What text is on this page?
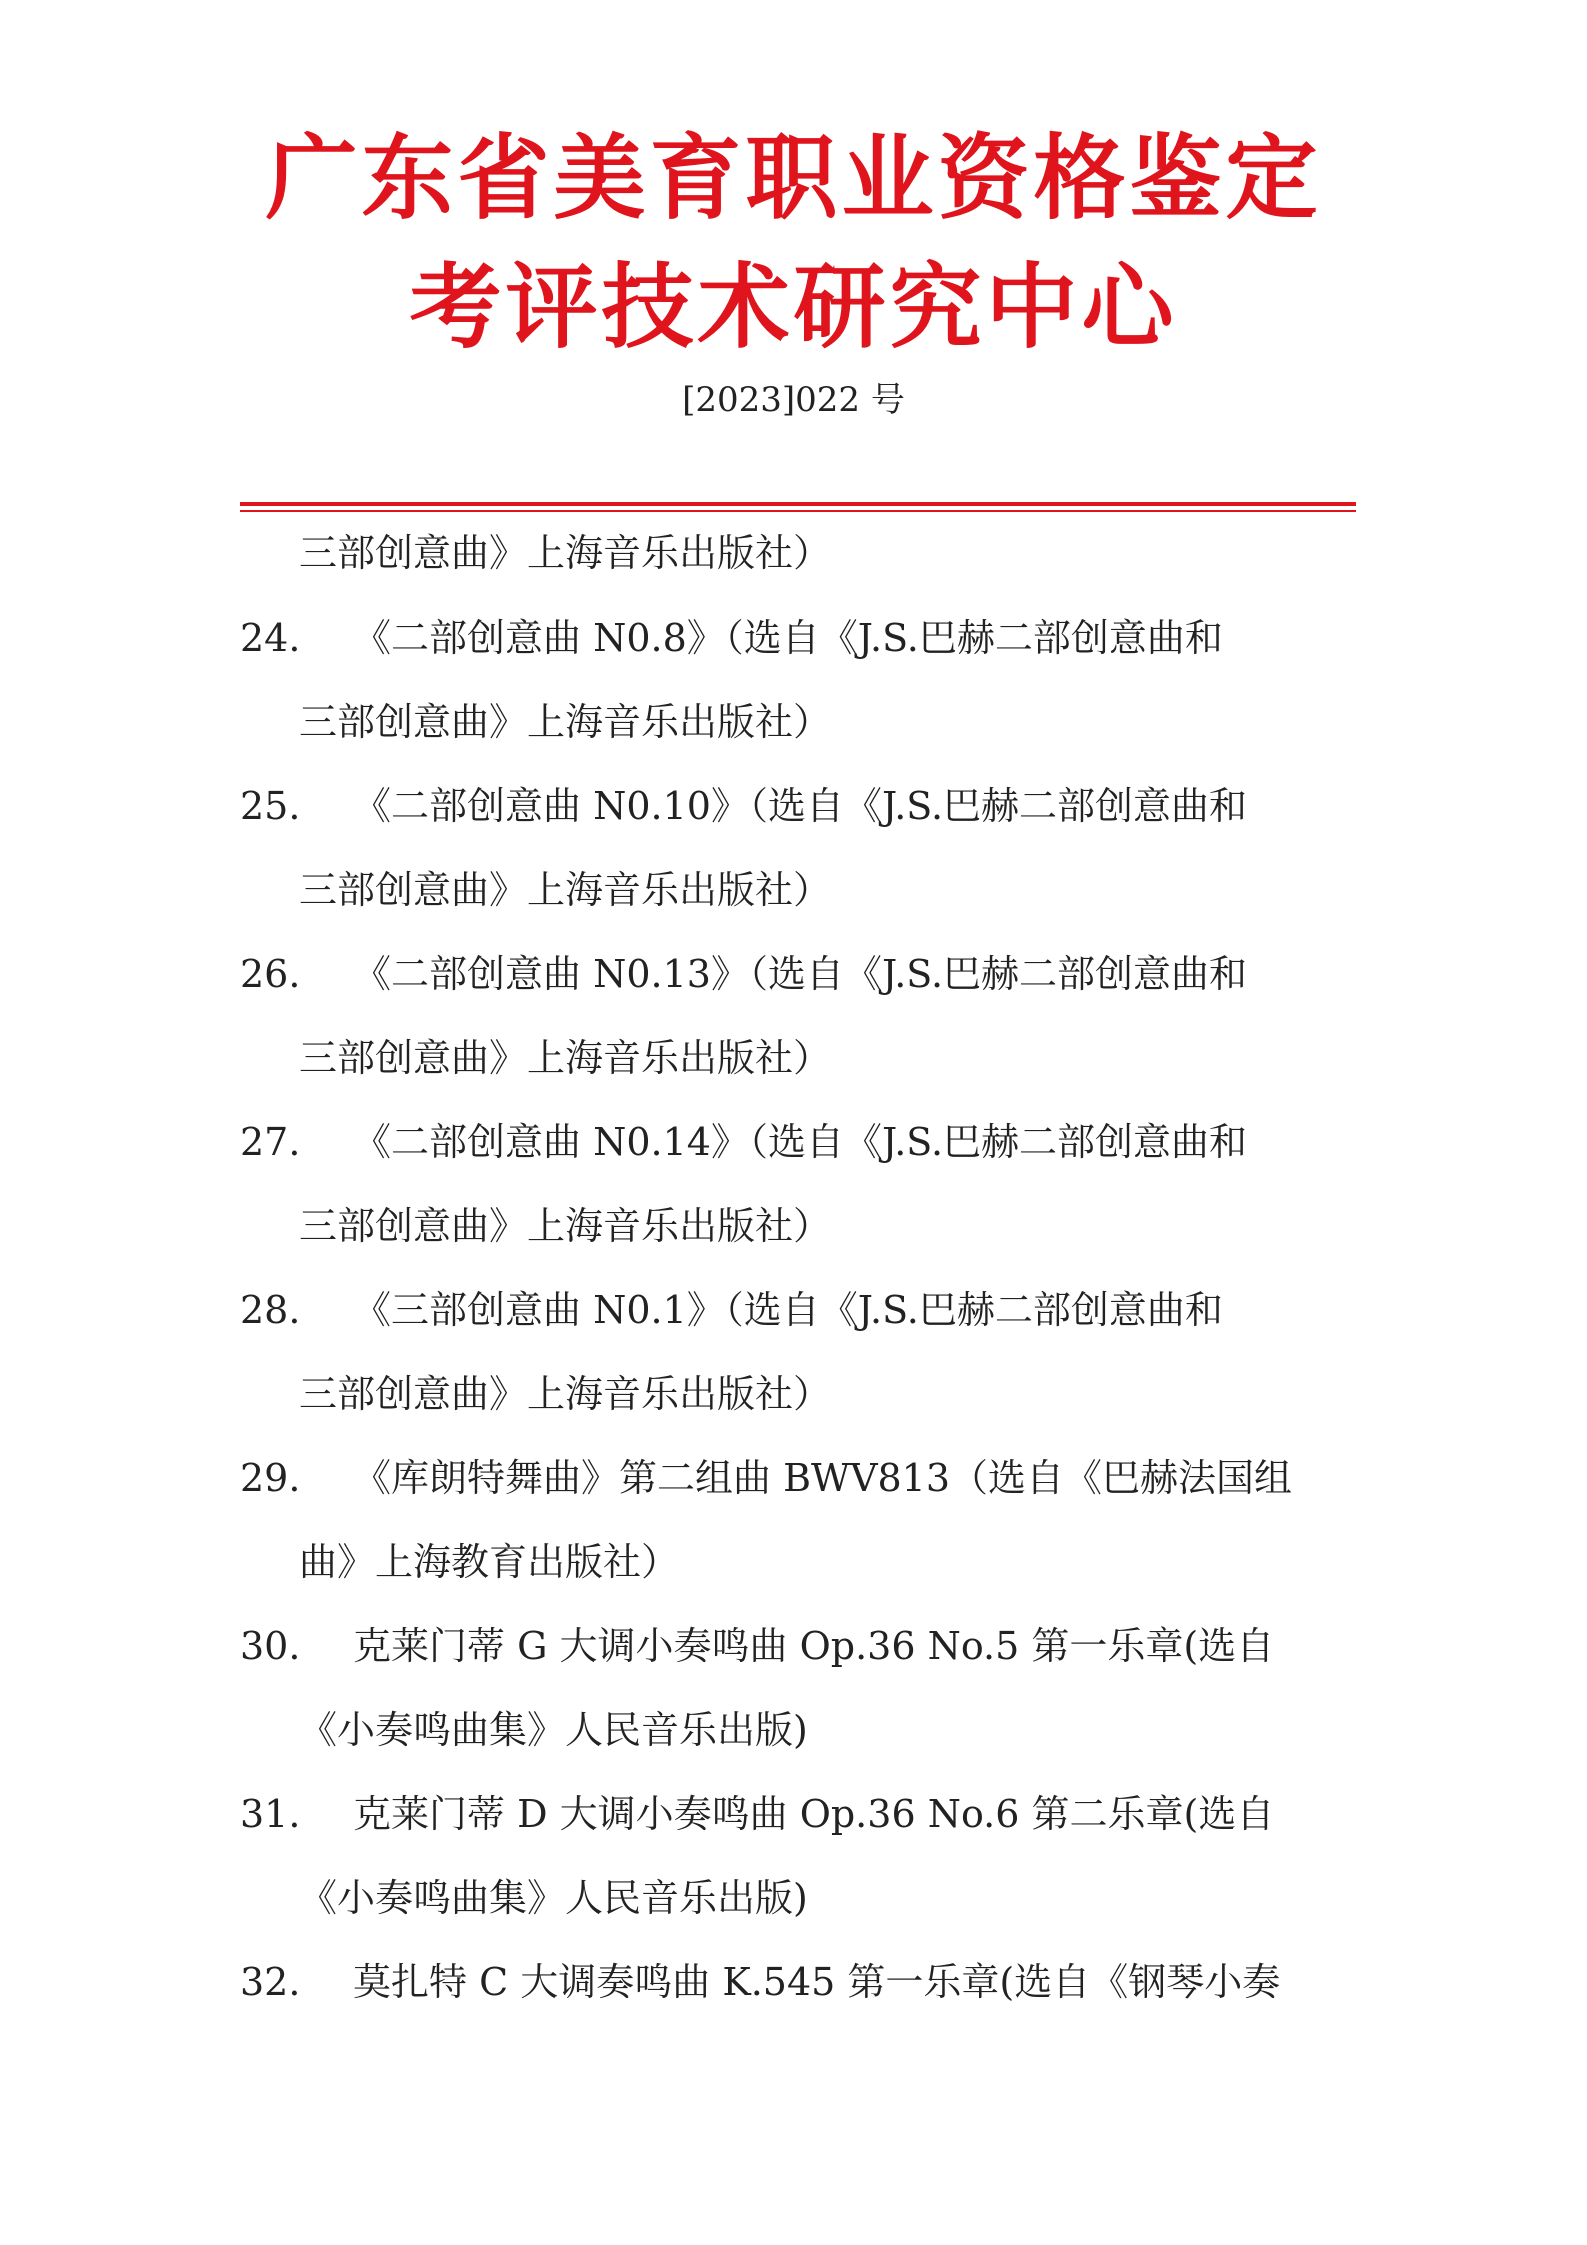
广东省美育职业资格鉴定
考评技术研究中心
[2023]022 号
三部创意曲》上海音乐出版社）
24. 《二部创意曲 N0.8》（选自《J.S.巴赫二部创意曲和
三部创意曲》上海音乐出版社）
25. 《二部创意曲 N0.10》（选自《J.S.巴赫二部创意曲和
三部创意曲》上海音乐出版社）
26. 《二部创意曲 N0.13》（选自《J.S.巴赫二部创意曲和
三部创意曲》上海音乐出版社）
27. 《二部创意曲 N0.14》（选自《J.S.巴赫二部创意曲和
三部创意曲》上海音乐出版社）
28. 《三部创意曲 N0.1》（选自《J.S.巴赫二部创意曲和
三部创意曲》上海音乐出版社）
29. 《库朗特舞曲》第二组曲 BWV813（选自《巴赫法国组
曲》上海教育出版社）
30. 克莱门蒂 G 大调小奏鸣曲 Op.36 No.5 第一乐章(选自
《小奏鸣曲集》人民音乐出版)
31. 克莱门蒂 D 大调小奏鸣曲 Op.36 No.6 第二乐章(选自
《小奏鸣曲集》人民音乐出版)
32. 莫扎特 C 大调奏鸣曲 K.545 第一乐章(选自《钢琴小奏
